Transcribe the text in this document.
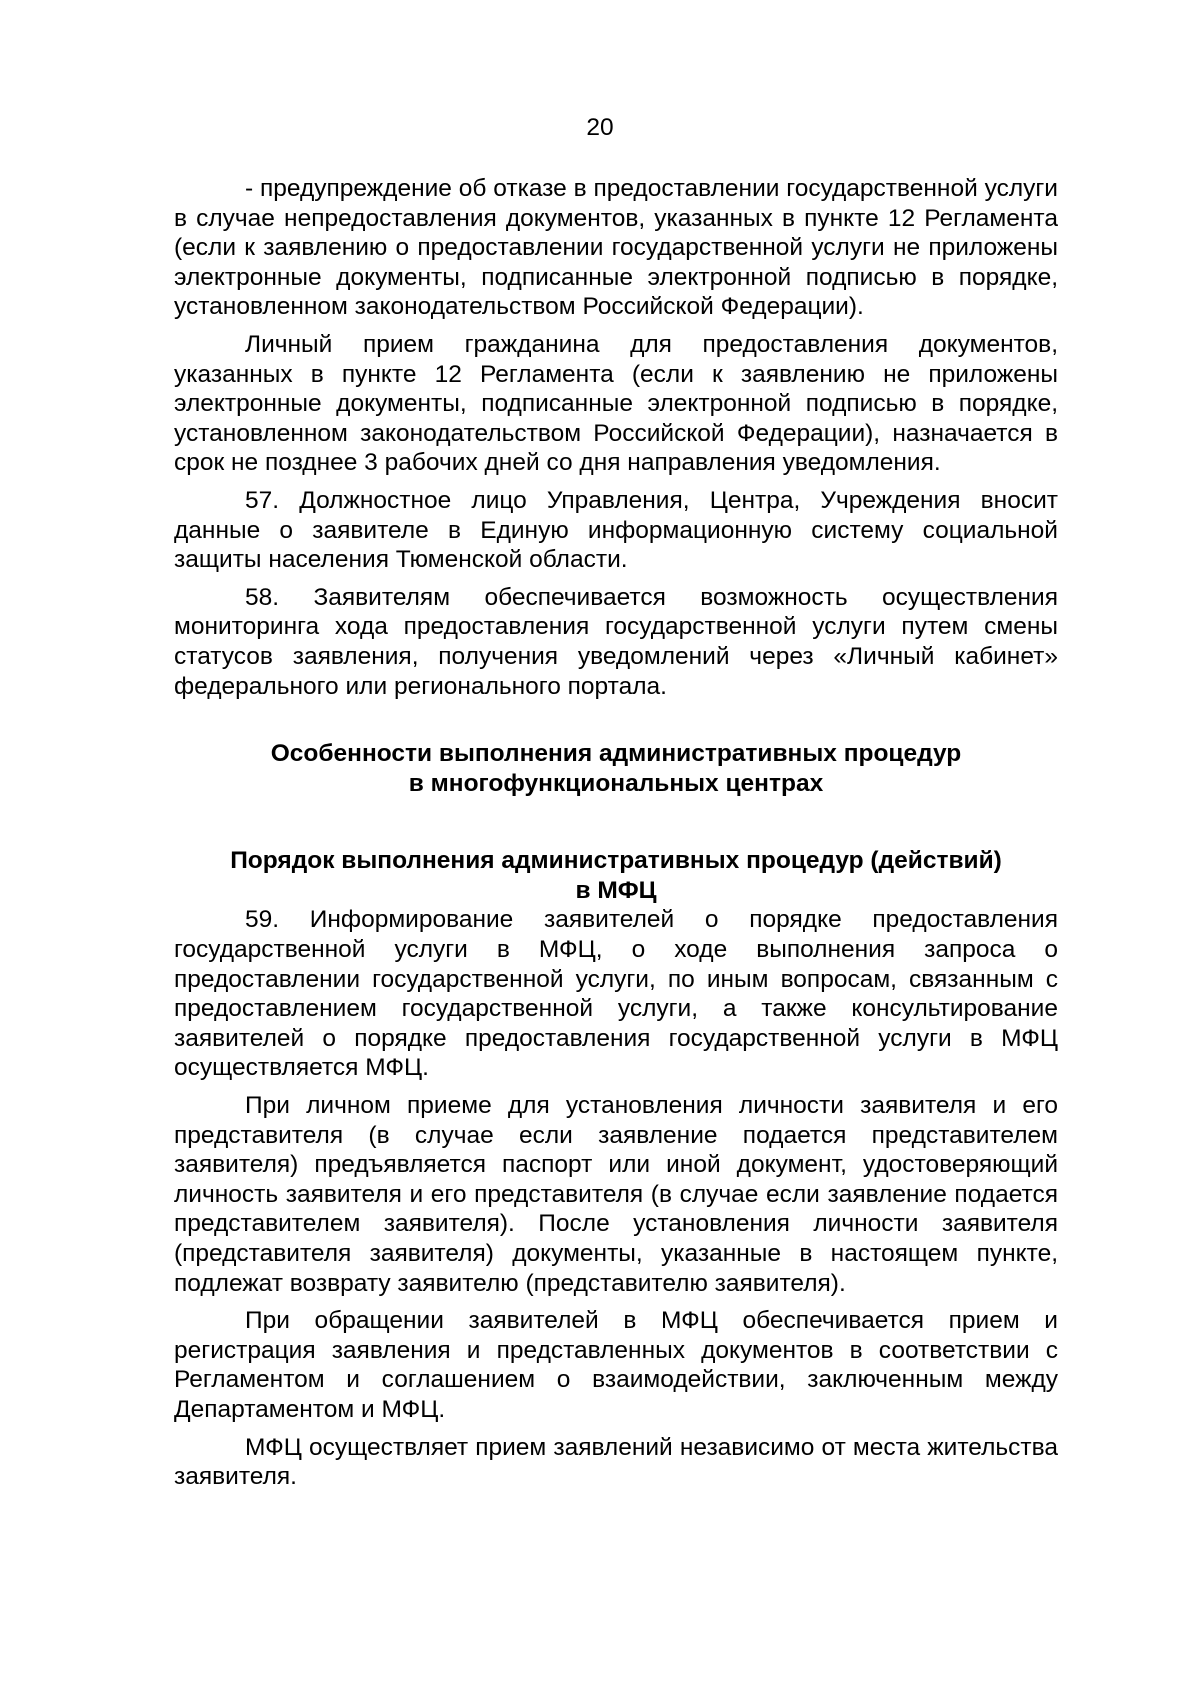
20

- предупреждение об отказе в предоставлении государственной услуги в случае непредоставления документов, указанных в пункте 12 Регламента (если к заявлению о предоставлении государственной услуги не приложены электронные документы, подписанные электронной подписью в порядке, установленном законодательством Российской Федерации).

Личный прием гражданина для предоставления документов, указанных в пункте 12 Регламента (если к заявлению не приложены электронные документы, подписанные электронной подписью в порядке, установленном законодательством Российской Федерации), назначается в срок не позднее 3 рабочих дней со дня направления уведомления.

57. Должностное лицо Управления, Центра, Учреждения вносит данные о заявителе в Единую информационную систему социальной защиты населения Тюменской области.

58. Заявителям обеспечивается возможность осуществления мониторинга хода предоставления государственной услуги путем смены статусов заявления, получения уведомлений через «Личный кабинет» федерального или регионального портала.

Особенности выполнения административных процедур
в многофункциональных центрах
Порядок выполнения административных процедур (действий)
в МФЦ

59. Информирование заявителей о порядке предоставления государственной услуги в МФЦ, о ходе выполнения запроса о предоставлении государственной услуги, по иным вопросам, связанным с предоставлением государственной услуги, а также консультирование заявителей о порядке предоставления государственной услуги в МФЦ осуществляется МФЦ.

При личном приеме для установления личности заявителя и его представителя (в случае если заявление подается представителем заявителя) предъявляется паспорт или иной документ, удостоверяющий личность заявителя и его представителя (в случае если заявление подается представителем заявителя). После установления личности заявителя (представителя заявителя) документы, указанные в настоящем пункте, подлежат возврату заявителю (представителю заявителя).

При обращении заявителей в МФЦ обеспечивается прием и регистрация заявления и представленных документов в соответствии с Регламентом и соглашением о взаимодействии, заключенным между Департаментом и МФЦ.

МФЦ осуществляет прием заявлений независимо от места жительства заявителя.
